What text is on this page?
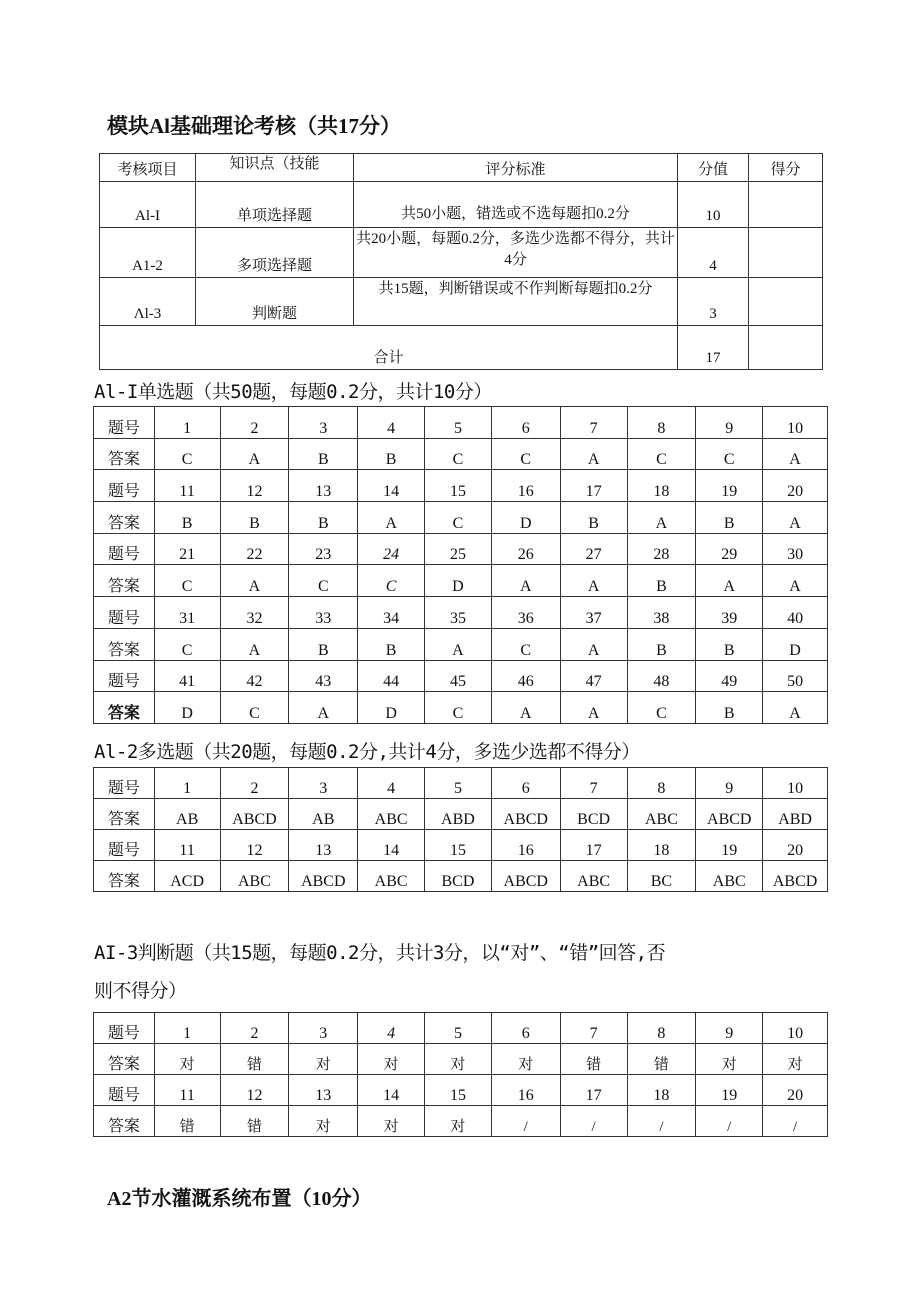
模块Al基础理论考核（共17分）
考核项目	知识点（技能	评分标准	分值	得分
Al-I	单项选择题	共50小题，错选或不选每题扣0.2分	10	
A1-2	多项选择题	共20小题，每题0.2分，多选少选都不得分，共计4分	4	
Λl-3	判断题	共15题，判断错误或不作判断每题扣0.2分	3	
合计			17	
Al-I单选题（共50题，每题0.2分，共计10分）
题号	1	2	3	4	5	6	7	8	9	10
答案	C	A	B	B	C	C	A	C	C	A
题号	11	12	13	14	15	16	17	18	19	20
答案	B	B	B	A	C	D	B	A	B	A
题号	21	22	23	24	25	26	27	28	29	30
答案	C	A	C	C	D	A	A	B	A	A
题号	31	32	33	34	35	36	37	38	39	40
答案	C	A	B	B	A	C	A	B	B	D
题号	41	42	43	44	45	46	47	48	49	50
答案	D	C	A	D	C	A	A	C	B	A
Al-2多选题（共20题，每题0.2分,共计4分，多选少选都不得分）
题号	1	2	3	4	5	6	7	8	9	10
答案	AB	ABCD	AB	ABC	ABD	ABCD	BCD	ABC	ABCD	ABD
题号	11	12	13	14	15	16	17	18	19	20
答案	ACD	ABC	ABCD	ABC	BCD	ABCD	ABC	BC	ABC	ABCD
AI-3判断题（共15题，每题0.2分，共计3分，以“对”、“错”回答,否
则不得分）
题号	1	2	3	4	5	6	7	8	9	10
答案	对	错	对	对	对	对	错	错	对	对
题号	11	12	13	14	15	16	17	18	19	20
答案	错	错	对	对	对	/	/	/	/	/
A2节水灌溉系统布置（10分）
